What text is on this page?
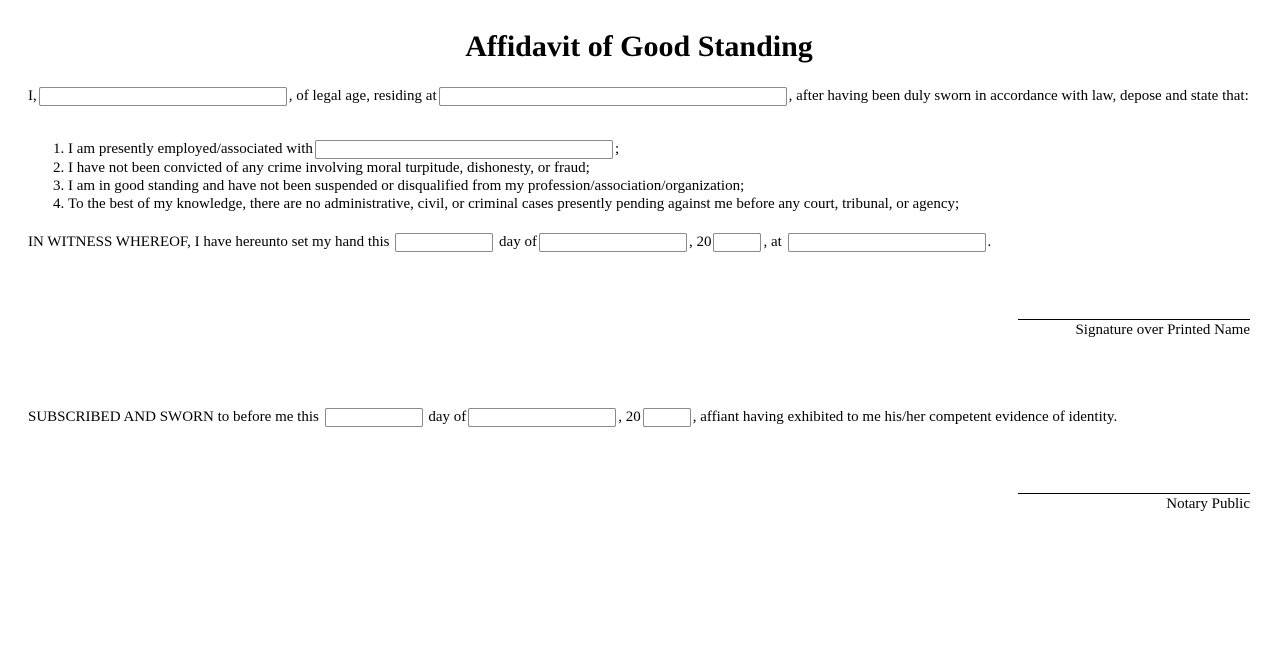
Affidavit of Good Standing
I,	, of legal age, residing at	, after having been duly sworn in accordance with law, depose and state that:
1. I am presently employed/associated with	;
2. I have not been convicted of any crime involving moral turpitude, dishonesty, or fraud;
3. I am in good standing and have not been suspended or disqualified from my profession/association/organization;
4. To the best of my knowledge, there are no administrative, civil, or criminal cases presently pending against me before any court, tribunal, or agency;
IN WITNESS WHEREOF, I have hereunto set my hand this	day of	, 20	, at	.
Signature over Printed Name
SUBSCRIBED AND SWORN to before me this	day of	, 20	, affiant having exhibited to me his/her competent evidence of identity.
Notary Public
